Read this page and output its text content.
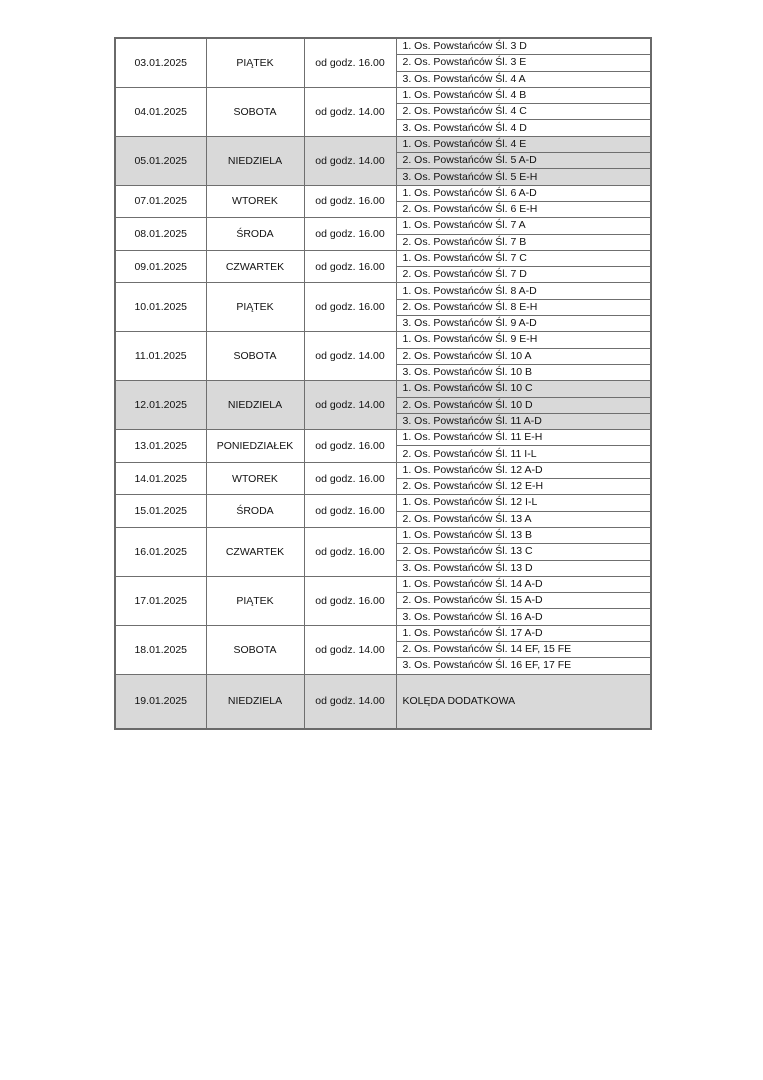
03.01.2025	PIĄTEK	od godz. 16.00	1. Os. Powstańców Śl. 3 D
			2. Os. Powstańców Śl. 3 E
			3. Os. Powstańców Śl. 4 A
04.01.2025	SOBOTA	od godz. 14.00	1. Os. Powstańców Śl. 4 B
			2. Os. Powstańców Śl. 4 C
			3. Os. Powstańców Śl. 4 D
05.01.2025	NIEDZIELA	od godz. 14.00	1. Os. Powstańców Śl. 4 E
			2. Os. Powstańców Śl. 5 A-D
			3. Os. Powstańców Śl. 5 E-H
07.01.2025	WTOREK	od godz. 16.00	1. Os. Powstańców Śl. 6 A-D
			2. Os. Powstańców Śl. 6 E-H
08.01.2025	ŚRODA	od godz. 16.00	1. Os. Powstańców Śl. 7 A
			2. Os. Powstańców Śl. 7 B
09.01.2025	CZWARTEK	od godz. 16.00	1. Os. Powstańców Śl. 7 C
			2. Os. Powstańców Śl. 7 D
10.01.2025	PIĄTEK	od godz. 16.00	1. Os. Powstańców Śl. 8 A-D
			2. Os. Powstańców Śl. 8 E-H
			3. Os. Powstańców Śl. 9 A-D
11.01.2025	SOBOTA	od godz. 14.00	1. Os. Powstańców Śl. 9 E-H
			2. Os. Powstańców Śl. 10 A
			3. Os. Powstańców Śl. 10 B
12.01.2025	NIEDZIELA	od godz. 14.00	1. Os. Powstańców Śl. 10 C
			2. Os. Powstańców Śl. 10 D
			3. Os. Powstańców Śl. 11 A-D
13.01.2025	PONIEDZIAŁEK	od godz. 16.00	1. Os. Powstańców Śl. 11 E-H
			2. Os. Powstańców Śl. 11 I-L
14.01.2025	WTOREK	od godz. 16.00	1. Os. Powstańców Śl. 12 A-D
			2. Os. Powstańców Śl. 12 E-H
15.01.2025	ŚRODA	od godz. 16.00	1. Os. Powstańców Śl. 12 I-L
			2. Os. Powstańców Śl. 13 A
16.01.2025	CZWARTEK	od godz. 16.00	1. Os. Powstańców Śl. 13 B
			2. Os. Powstańców Śl. 13 C
			3. Os. Powstańców Śl. 13 D
17.01.2025	PIĄTEK	od godz. 16.00	1. Os. Powstańców Śl. 14 A-D
			2. Os. Powstańców Śl. 15 A-D
			3. Os. Powstańców Śl. 16 A-D
18.01.2025	SOBOTA	od godz. 14.00	1. Os. Powstańców Śl. 17 A-D
			2. Os. Powstańców Śl. 14 EF, 15 FE
			3. Os. Powstańców Śl. 16 EF, 17 FE
19.01.2025	NIEDZIELA	od godz. 14.00	KOLĘDA DODATKOWA
